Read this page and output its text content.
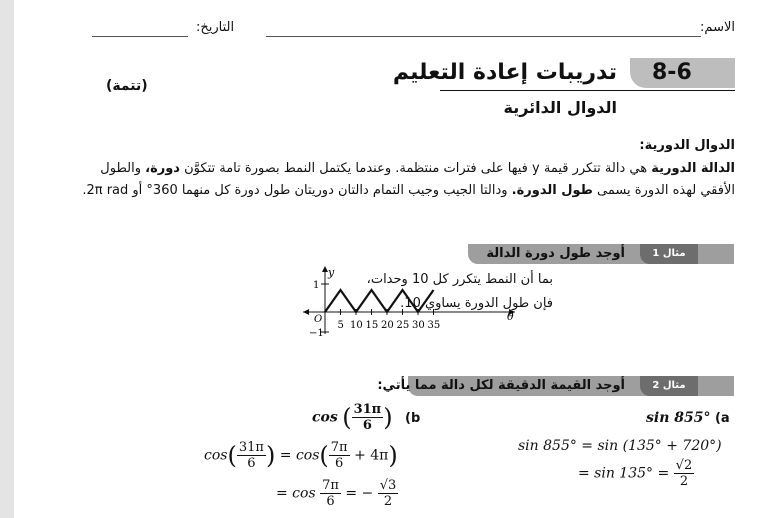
الاسم:
التاريخ:
8-6
تدريبات إعادة التعليم
الدوال الدائرية
(تتمة)
الدوال الدورية:
الدالة الدورية هي دالة تتكرر قيمة y فيها على فترات منتظمة. وعندما يكتمل النمط بصورة تامة تتكوَّن دورة، والطول الأفقي لهذه الدورة يسمى طول الدورة. ودالتا الجيب وجيب التمام دالتان دوريتان طول دورة كل منهما 360° أو 2π rad.
مثال 1
أوجد طول دورة الدالة
بما أن النمط يتكرر كل 10 وحدات،
فإن طول الدورة يساوي 10.
y
θ
O
1
−1
5 10 15 20 25 30 35
مثال 2
أوجد القيمة الدقيقة لكل دالة مما يأتي:
sin 855° (a
sin 855° = sin (135° + 720°)
= $\sin 135^\circ = \frac{√2}{2}$
cos ( $\frac{31\pi}{6}$ ) (b
$\cos( \frac{31\pi}{6}$ ) = $\cos( \frac{7\pi}{6} + 4\pi)$
= $\cos \frac{7\pi}{6}$ = − $\frac{√3}{2}$
